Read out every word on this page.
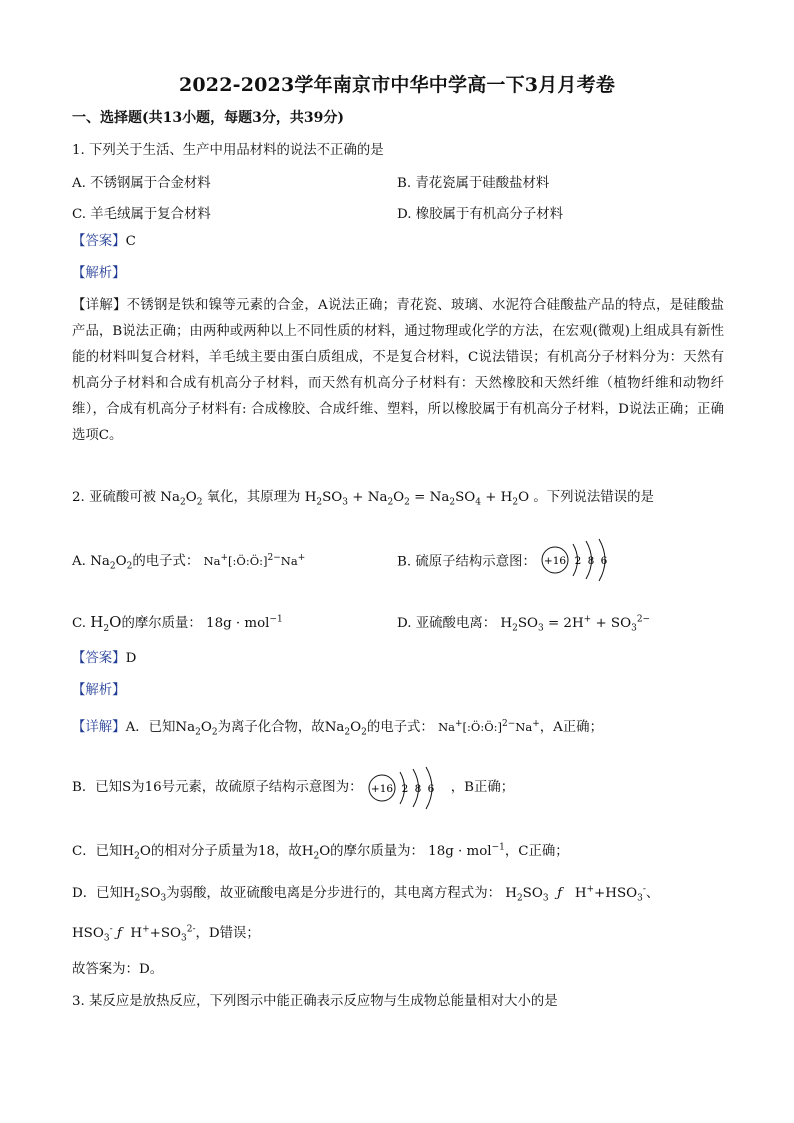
2022-2023学年南京市中华中学高一下3月月考卷
一、选择题(共13小题，每题3分，共39分)
1. 下列关于生活、生产中用品材料的说法不正确的是
A. 不锈钢属于合金材料	B. 青花瓷属于硅酸盐材料
C. 羊毛绒属于复合材料	D. 橡胶属于有机高分子材料
【答案】C
【解析】
【详解】不锈钢是铁和镍等元素的合金，A说法正确；青花瓷、玻璃、水泥符合硅酸盐产品的特点，是硅酸盐产品，B说法正确；由两种或两种以上不同性质的材料，通过物理或化学的方法，在宏观(微观)上组成具有新性能的材料叫复合材料，羊毛绒主要由蛋白质组成，不是复合材料，C说法错误；有机高分子材料分为：天然有机高分子材料和合成有机高分子材料，而天然有机高分子材料有：天然橡胶和天然纤维（植物纤维和动物纤维），合成有机高分子材料有: 合成橡胶、合成纤维、塑料，所以橡胶属于有机高分子材料，D说法正确；正确选项C。
2. 亚硫酸可被 $Na_2O_2$ 氧化，其原理为 $H_2SO_3 + Na_2O_2 = Na_2SO_4 + H_2O$ 。下列说法错误的是
A. $Na_2O_2$的电子式： Na+[:Ö:Ö:]$^{2-}$Na+	B. 硫原子结构示意图： +16 2 8 6
C. $H_2O$的摩尔质量： 18g · mol$^{-1}$	D. 亚硫酸电离： $H_2SO_3 = 2H^+ + SO_3^{2-}$
【答案】D
【解析】
【详解】A．已知$Na_2O_2$为离子化合物，故$Na_2O_2$的电子式： Na+[:Ö:Ö:]$^{2-}$Na+，A正确；
B．已知S为16号元素，故硫原子结构示意图为： +16 2 8 6 ，B正确；
C．已知$H_2O$的相对分子质量为18，故$H_2O$的摩尔质量为： 18g · mol$^{-1}$，C正确；
D．已知$H_2SO_3$为弱酸，故亚硫酸电离是分步进行的，其电离方程式为： $H_2SO_3$ ƒ   $H^++HSO_3^-$、
$HSO_3^-$ ƒ  $H^++SO_3^{2-}$，D错误；
故答案为：D。
3. 某反应是放热反应，下列图示中能正确表示反应物与生成物总能量相对大小的是
